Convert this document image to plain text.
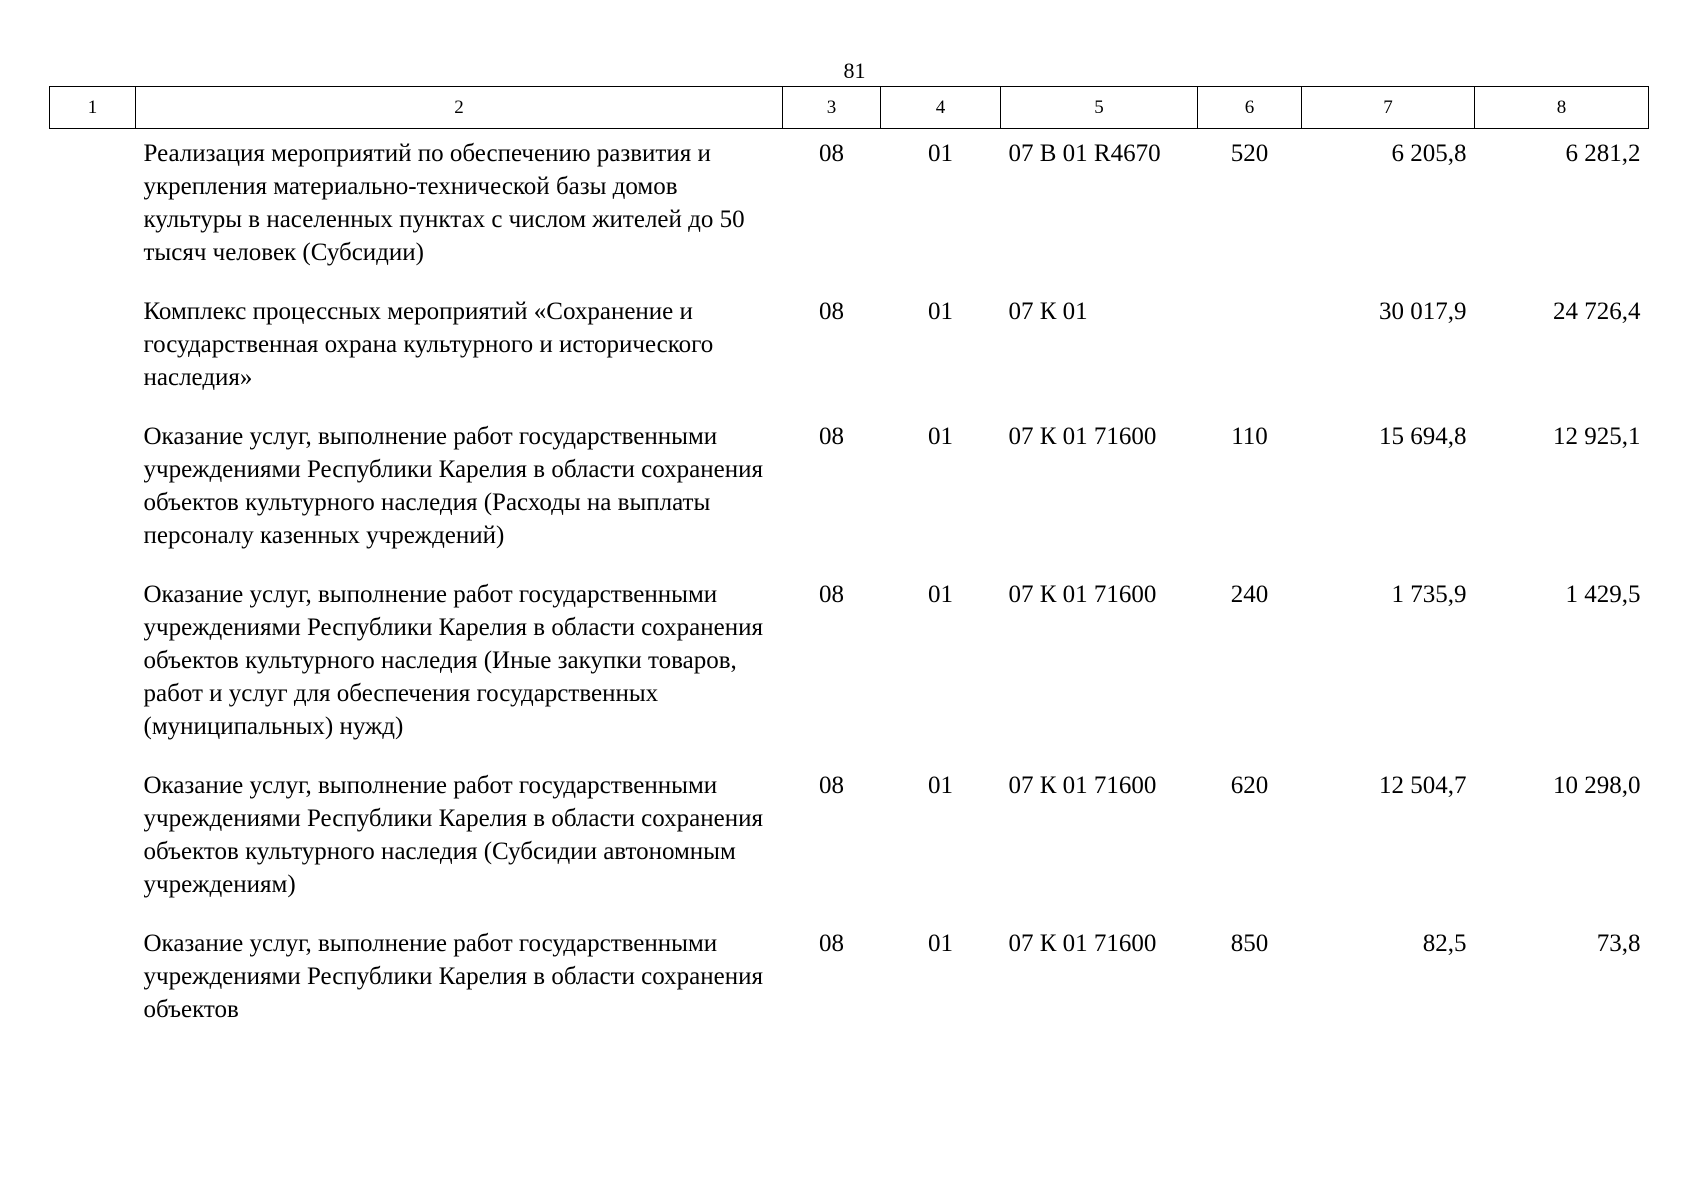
81
1	2	3	4	5	6	7	8
	Реализация мероприятий по обеспечению развития и укрепления материально-технической базы домов культуры в населенных пунктах с числом жителей до 50 тысяч человек (Субсидии)	08	01	07 В 01 R4670	520	6 205,8	6 281,2
	Комплекс процессных мероприятий «Сохранение и государственная охрана культурного и исторического наследия»	08	01	07 К 01		30 017,9	24 726,4
	Оказание услуг, выполнение работ государственными учреждениями Республики Карелия в области сохранения объектов культурного наследия (Расходы на выплаты персоналу казенных учреждений)	08	01	07 К 01 71600	110	15 694,8	12 925,1
	Оказание услуг, выполнение работ государственными учреждениями Республики Карелия в области сохранения объектов культурного наследия (Иные закупки товаров, работ и услуг для обеспечения государственных (муниципальных) нужд)	08	01	07 К 01 71600	240	1 735,9	1 429,5
	Оказание услуг, выполнение работ государственными учреждениями Республики Карелия в области сохранения объектов культурного наследия (Субсидии автономным учреждениям)	08	01	07 К 01 71600	620	12 504,7	10 298,0
	Оказание услуг, выполнение работ государственными учреждениями Республики Карелия в области сохранения объектов	08	01	07 К 01 71600	850	82,5	73,8
